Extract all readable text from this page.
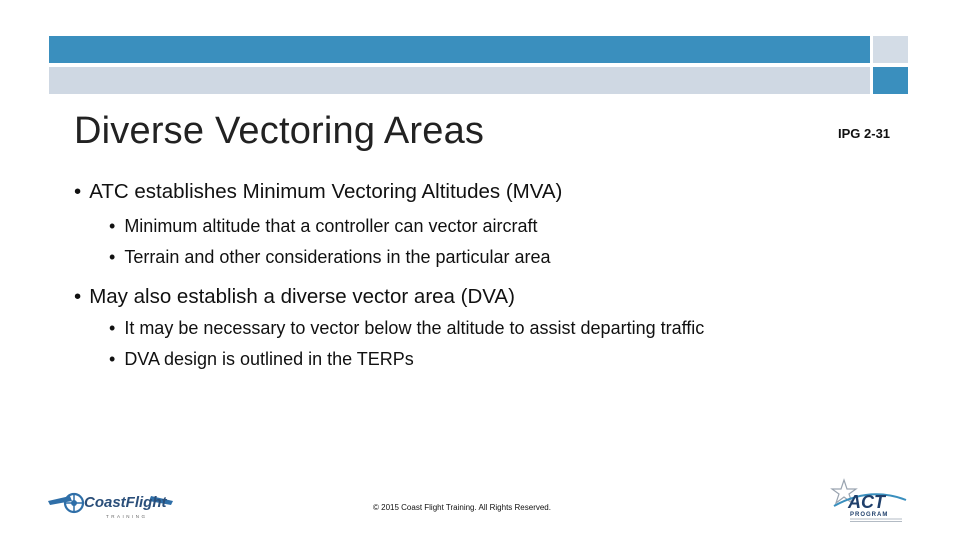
Diverse Vectoring Areas	IPG 2-31
• ATC establishes Minimum Vectoring Altitudes (MVA)
• Minimum altitude that a controller can vector aircraft
• Terrain and other considerations in the particular area
• May also establish a diverse vector area (DVA)
• It may be necessary to vector below the altitude to assist departing traffic
• DVA design is outlined in the TERPs
CoastFlight
TRAINING
© 2015 Coast Flight Training. All Rights Reserved.	ACT
PROGRAM
